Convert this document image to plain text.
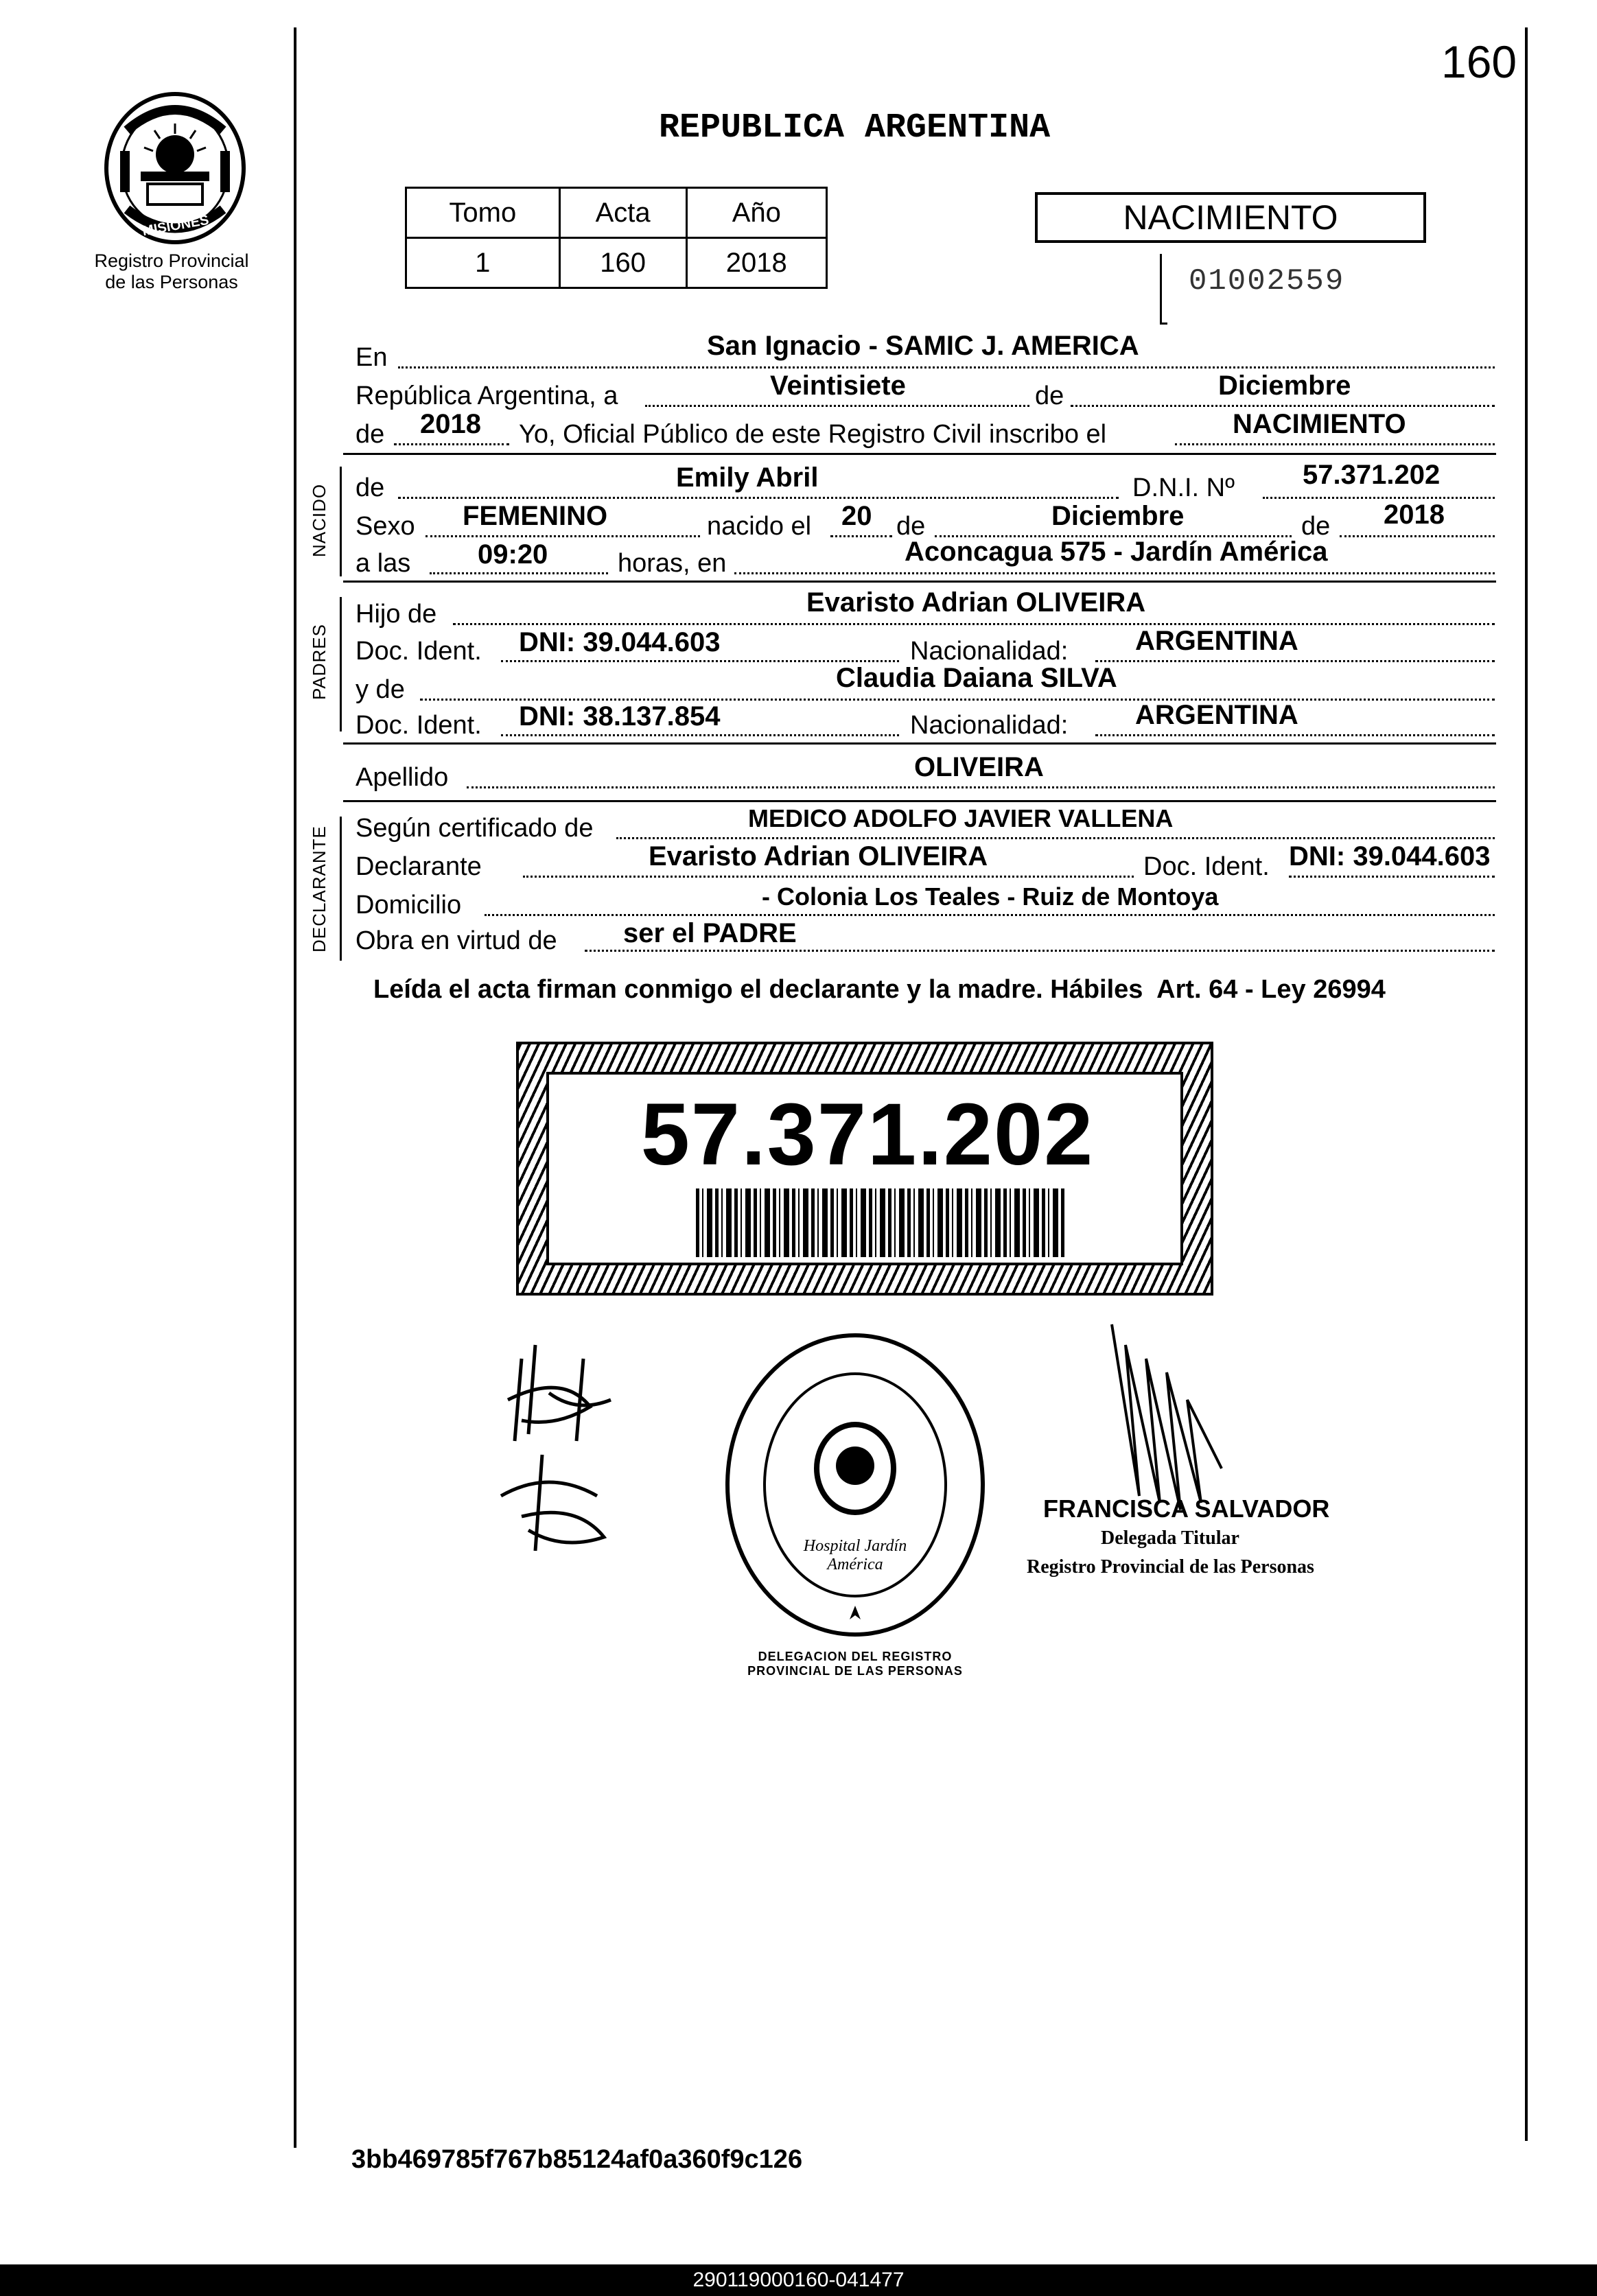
160
MISIONES
Registro Provincial
de las Personas
REPUBLICA ARGENTINA
Tomo	Acta	Año
1	160	2018
NACIMIENTO
01002559
En	San Ignacio - SAMIC J. AMERICA
República Argentina, a	Veintisiete	de	Diciembre
de 2018 Yo, Oficial Público de este Registro Civil inscribo el	NACIMIENTO
NACIDO de	Emily Abril	D.N.I. Nº 57.371.202
Sexo FEMENINO	nacido el 20 de	Diciembre	de 2018
a las 09:20	horas, en	Aconcagua 575 - Jardín América
PADRES
Hijo de	Evaristo Adrian OLIVEIRA
Doc. Ident. DNI: 39.044.603	Nacionalidad: ARGENTINA
y de	Claudia Daiana SILVA
Doc. Ident. DNI: 38.137.854	Nacionalidad: ARGENTINA
Apellido	OLIVEIRA
DECLARANTE Según certificado de	MEDICO ADOLFO JAVIER VALLENA
Declarante	Evaristo Adrian OLIVEIRA	Doc. Ident. DNI: 39.044.603
Domicilio	- Colonia Los Teales - Ruiz de Montoya
Obra en virtud de ser el PADRE
Leída el acta firman conmigo el declarante y la madre. Hábiles  Art. 64 - Ley 26994
57.371.202
Hospital Jardín América
DELEGACION DEL REGISTRO PROVINCIAL DE LAS PERSONAS
FRANCISCA SALVADOR
Delegada Titular
Registro Provincial de las Personas
3bb469785f767b85124af0a360f9c126
290119000160-041477
